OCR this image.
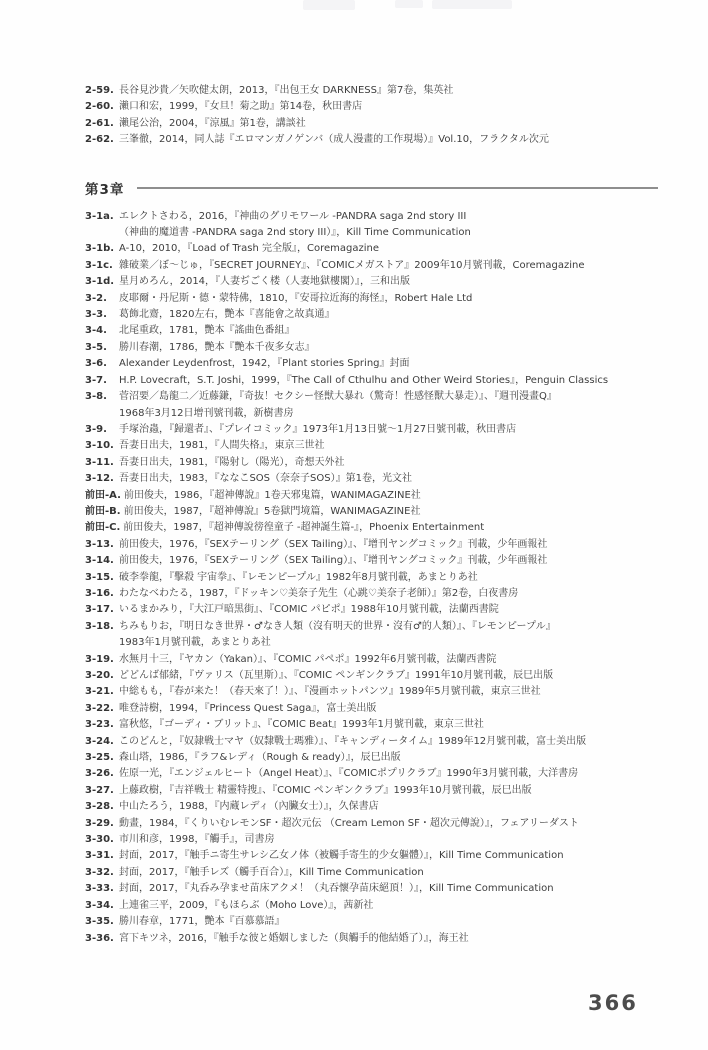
2-59. 長谷見沙貴／矢吹健太朗，2013，『出包王女 DARKNESS』第7卷，集英社
2-60. 瀨口和宏，1999，『女旦！菊之助』第14卷，秋田書店
2-61. 瀨尾公治，2004，『涼風』第1卷，講談社
2-62. 三峯徹，2014，同人誌『エロマンガノゲンバ（成人漫畫的工作現場）』Vol.10，フラクタル次元
第3章
3-1a. エレクトさわる，2016，『神曲のグリモワール -PANDRA saga 2nd story III
（神曲的魔道書 -PANDRA saga 2nd story III）』，Kill Time Communication
3-1b. A-10，2010，『Load of Trash 完全版』，Coremagazine
3-1c. 雜破業／ぼ〜じゅ，『SECRET JOURNEY』、『COMICメガストア』2009年10月號刊載，Coremagazine
3-1d. 星月めろん，2014，『人妻ぢごく楼（人妻地獄樓閣）』，三和出版
3-2.	皮耶爾・丹尼斯・德・蒙特佛，1810，『安哥拉近海的海怪』，Robert Hale Ltd
3-3.	葛飾北齋，1820左右，艷本『喜能會之故真通』
3-4.	北尾重政，1781，艷本『謠曲色番組』
3-5.	勝川春潮，1786，艷本『艷本千夜多女志』
3-6.	Alexander Leydenfrost，1942，『Plant stories Spring』封面
3-7.	H.P. Lovecraft，S.T. Joshi，1999，『The Call of Cthulhu and Other Weird Stories』，Penguin Classics
3-8.	菅沼要／島龍二／近藤鎌，『奇抜！セクシー怪獣大暴れ（驚奇！性感怪獸大暴走）』、『週刊漫畫Q』
1968年3月12日增刊號刊載，新樹書房
3-9.	手塚治蟲，『歸還者』、『プレイコミック』1973年1月13日號〜1月27日號刊載，秋田書店
3-10. 吾妻日出夫，1981，『人間失格』，東京三世社
3-11. 吾妻日出夫，1981，『陽射し（陽光），奇想天外社
3-12. 吾妻日出夫，1983，『ななこSOS（奈奈子SOS）』第1卷，光文社
前田-A. 前田俊夫，1986，『超神傳說』1卷天邪鬼篇，WANIMAGAZINE社
前田-B. 前田俊夫，1987，『超神傳說』5卷獄門境篇，WANIMAGAZINE社
前田-C. 前田俊夫，1987，『超神傳說徬徨童子 -超神誕生篇-』，Phoenix Entertainment
3-13. 前田俊夫，1976，『SEXテーリング（SEX Tailing）』、『增刊ヤングコミック』刊載，少年画報社
3-14. 前田俊夫，1976，『SEXテーリング（SEX Tailing）』、『增刊ヤングコミック』刊載，少年画報社
3-15. 破李拳龍，『擊殺 宇宙拳』、『レモンピープル』1982年8月號刊載，あまとりあ社
3-16. わたなべわたる，1987，『ドッキン♡美奈子先生（心跳♡美奈子老師）』第2卷，白夜書房
3-17. いるまかみり，『大江戸暗黒街』、『COMIC パピポ』1988年10月號刊載，法蘭西書院
3-18. ちみもりお，『明日なき世界・♂なき人類（沒有明天的世界・沒有♂的人類）』、『レモンピープル』
1983年1月號刊載，あまとりあ社
3-19. 水無月十三，『ヤカン（Yakan）』、『COMIC パペポ』1992年6月號刊載，法蘭西書院
3-20. どどんば郁緒，『ヴァリス（瓦里斯）』、『COMIC ペンギンクラブ』1991年10月號刊載，辰巳出版
3-21. 中総もも，『春が来た！（春天來了！）』、『漫画ホットパンツ』1989年5月號刊載，東京三世社
3-22. 唯登詩樹，1994，『Princess Quest Saga』，富士美出版
3-23. 富秋悠，『ゴーディ・ブリット』、『COMIC Beat』1993年1月號刊載，東京三世社
3-24. このどんと，『奴隷戦士マヤ（奴隸戰士瑪雅）』、『キャンディータイム』1989年12月號刊載，富士美出版
3-25. 森山塔，1986，『ラフ&レディ（Rough & ready）』，辰巳出版
3-26. 佐原一光，『エンジェルヒート（Angel Heat）』、『COMICポプリクラブ』1990年3月號刊載，大洋書房
3-27. 上藤政樹，『吉祥戦士 精靈特搜』、『COMIC ペンギンクラブ』1993年10月號刊載，辰巳出版
3-28. 中山たろう，1988，『内蔵レディ（內臟女士）』，久保書店
3-29. 動畫，1984，『くりいむレモンSF・超次元伝 （Cream Lemon SF・超次元傳說）』，フェアリーダスト
3-30. 市川和彦，1998，『觸手』，司書房
3-31. 封面，2017，『触手ニ寄生サレシ乙女ノ体（被觸手寄生的少女軀體）』，Kill Time Communication
3-32. 封面，2017，『触手レズ（觸手百合）』，Kill Time Communication
3-33. 封面，2017，『丸呑み孕ませ苗床アクメ！（丸吞懷孕苗床絕頂！）』，Kill Time Communication
3-34. 上連雀三平，2009，『もほらぶ（Moho Love）』，茜新社
3-35. 勝川春章，1771，艷本『百慕慕語』
3-36. 宮下キツネ，2016，『触手な彼と婚姻しました（與觸手的他結婚了）』，海王社
366
